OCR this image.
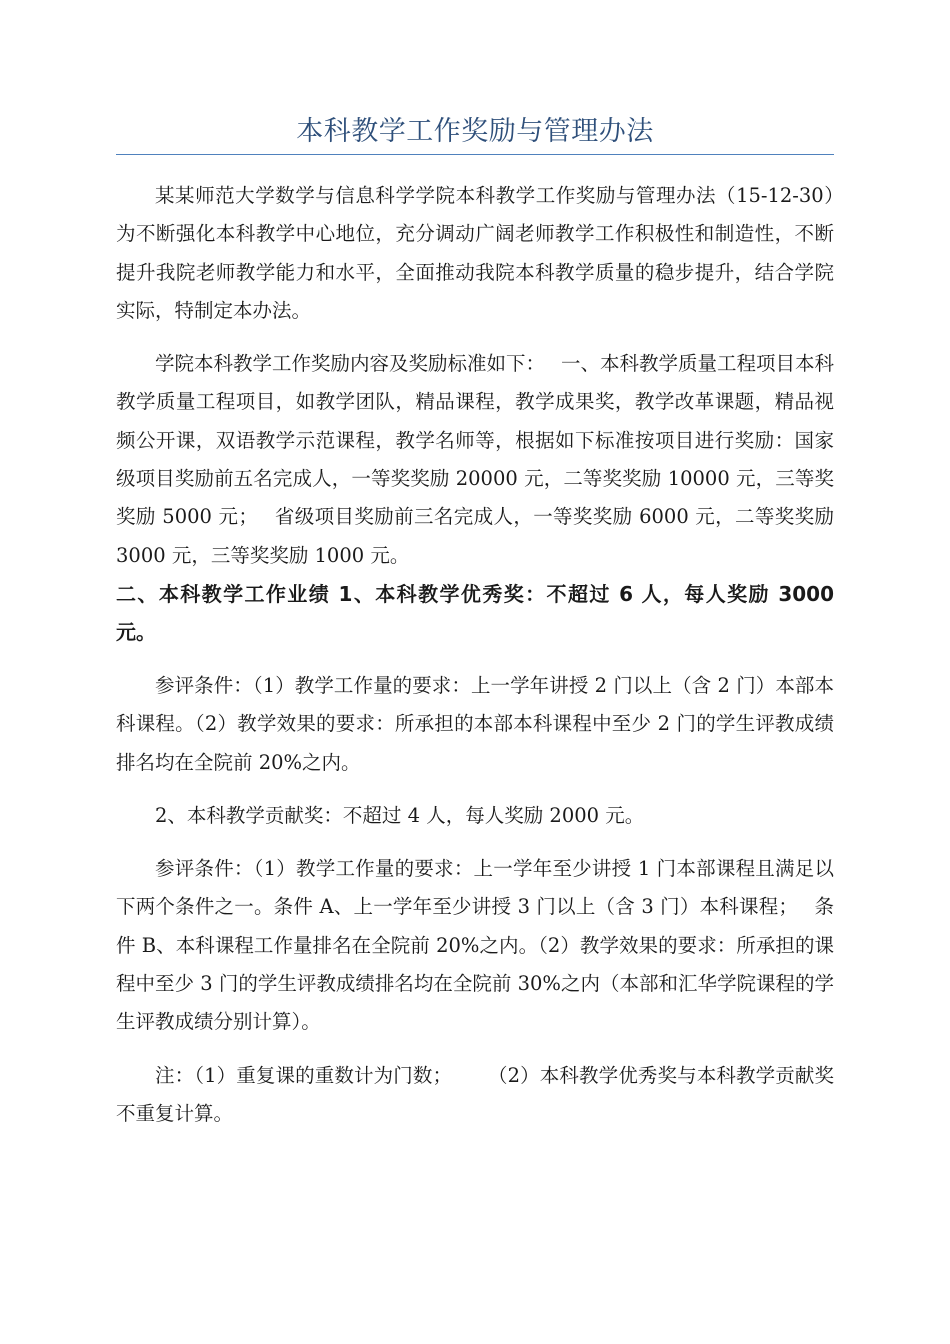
本科教学工作奖励与管理办法

某某师范大学数学与信息科学学院本科教学工作奖励与管理办法（15-12-30）　 为不断强化本科教学中心地位，充分调动广阔老师教学工作积极性和制造性，不断提升我院老师教学能力和水平，全面推动我院本科教学质量的稳步提升，结合学院实际，特制定本办法。

学院本科教学工作奖励内容及奖励标准如下：　 一、本科教学质量工程项目本科教学质量工程项目，如教学团队，精品课程，教学成果奖，教学改革课题，精品视频公开课，双语教学示范课程，教学名师等，根据如下标准按项目进行奖励：国家级项目奖励前五名完成人，一等奖奖励 20000 元，二等奖奖励 10000 元，三等奖奖励 5000 元；　 省级项目奖励前三名完成人，一等奖奖励 6000 元，二等奖奖励 3000 元，三等奖奖励 1000 元。

二、本科教学工作业绩 1、本科教学优秀奖：不超过 6 人，每人奖励 3000 元。

参评条件：（1）教学工作量的要求：上一学年讲授 2 门以上（含 2 门）本部本科课程。（2）教学效果的要求：所承担的本部本科课程中至少 2 门的学生评教成绩排名均在全院前 20%之内。

2、本科教学贡献奖：不超过 4 人，每人奖励 2000 元。

参评条件：（1）教学工作量的要求：上一学年至少讲授 1 门本部课程且满足以下两个条件之一。条件 A、上一学年至少讲授 3 门以上（含 3 门）本科课程；　 条件 B、本科课程工作量排名在全院前 20%之内。（2）教学效果的要求：所承担的课程中至少 3 门的学生评教成绩排名均在全院前 30%之内（本部和汇华学院课程的学生评教成绩分别计算）。

注：（1）重复课的重数计为门数；　　 （2）本科教学优秀奖与本科教学贡献奖不重复计算。
